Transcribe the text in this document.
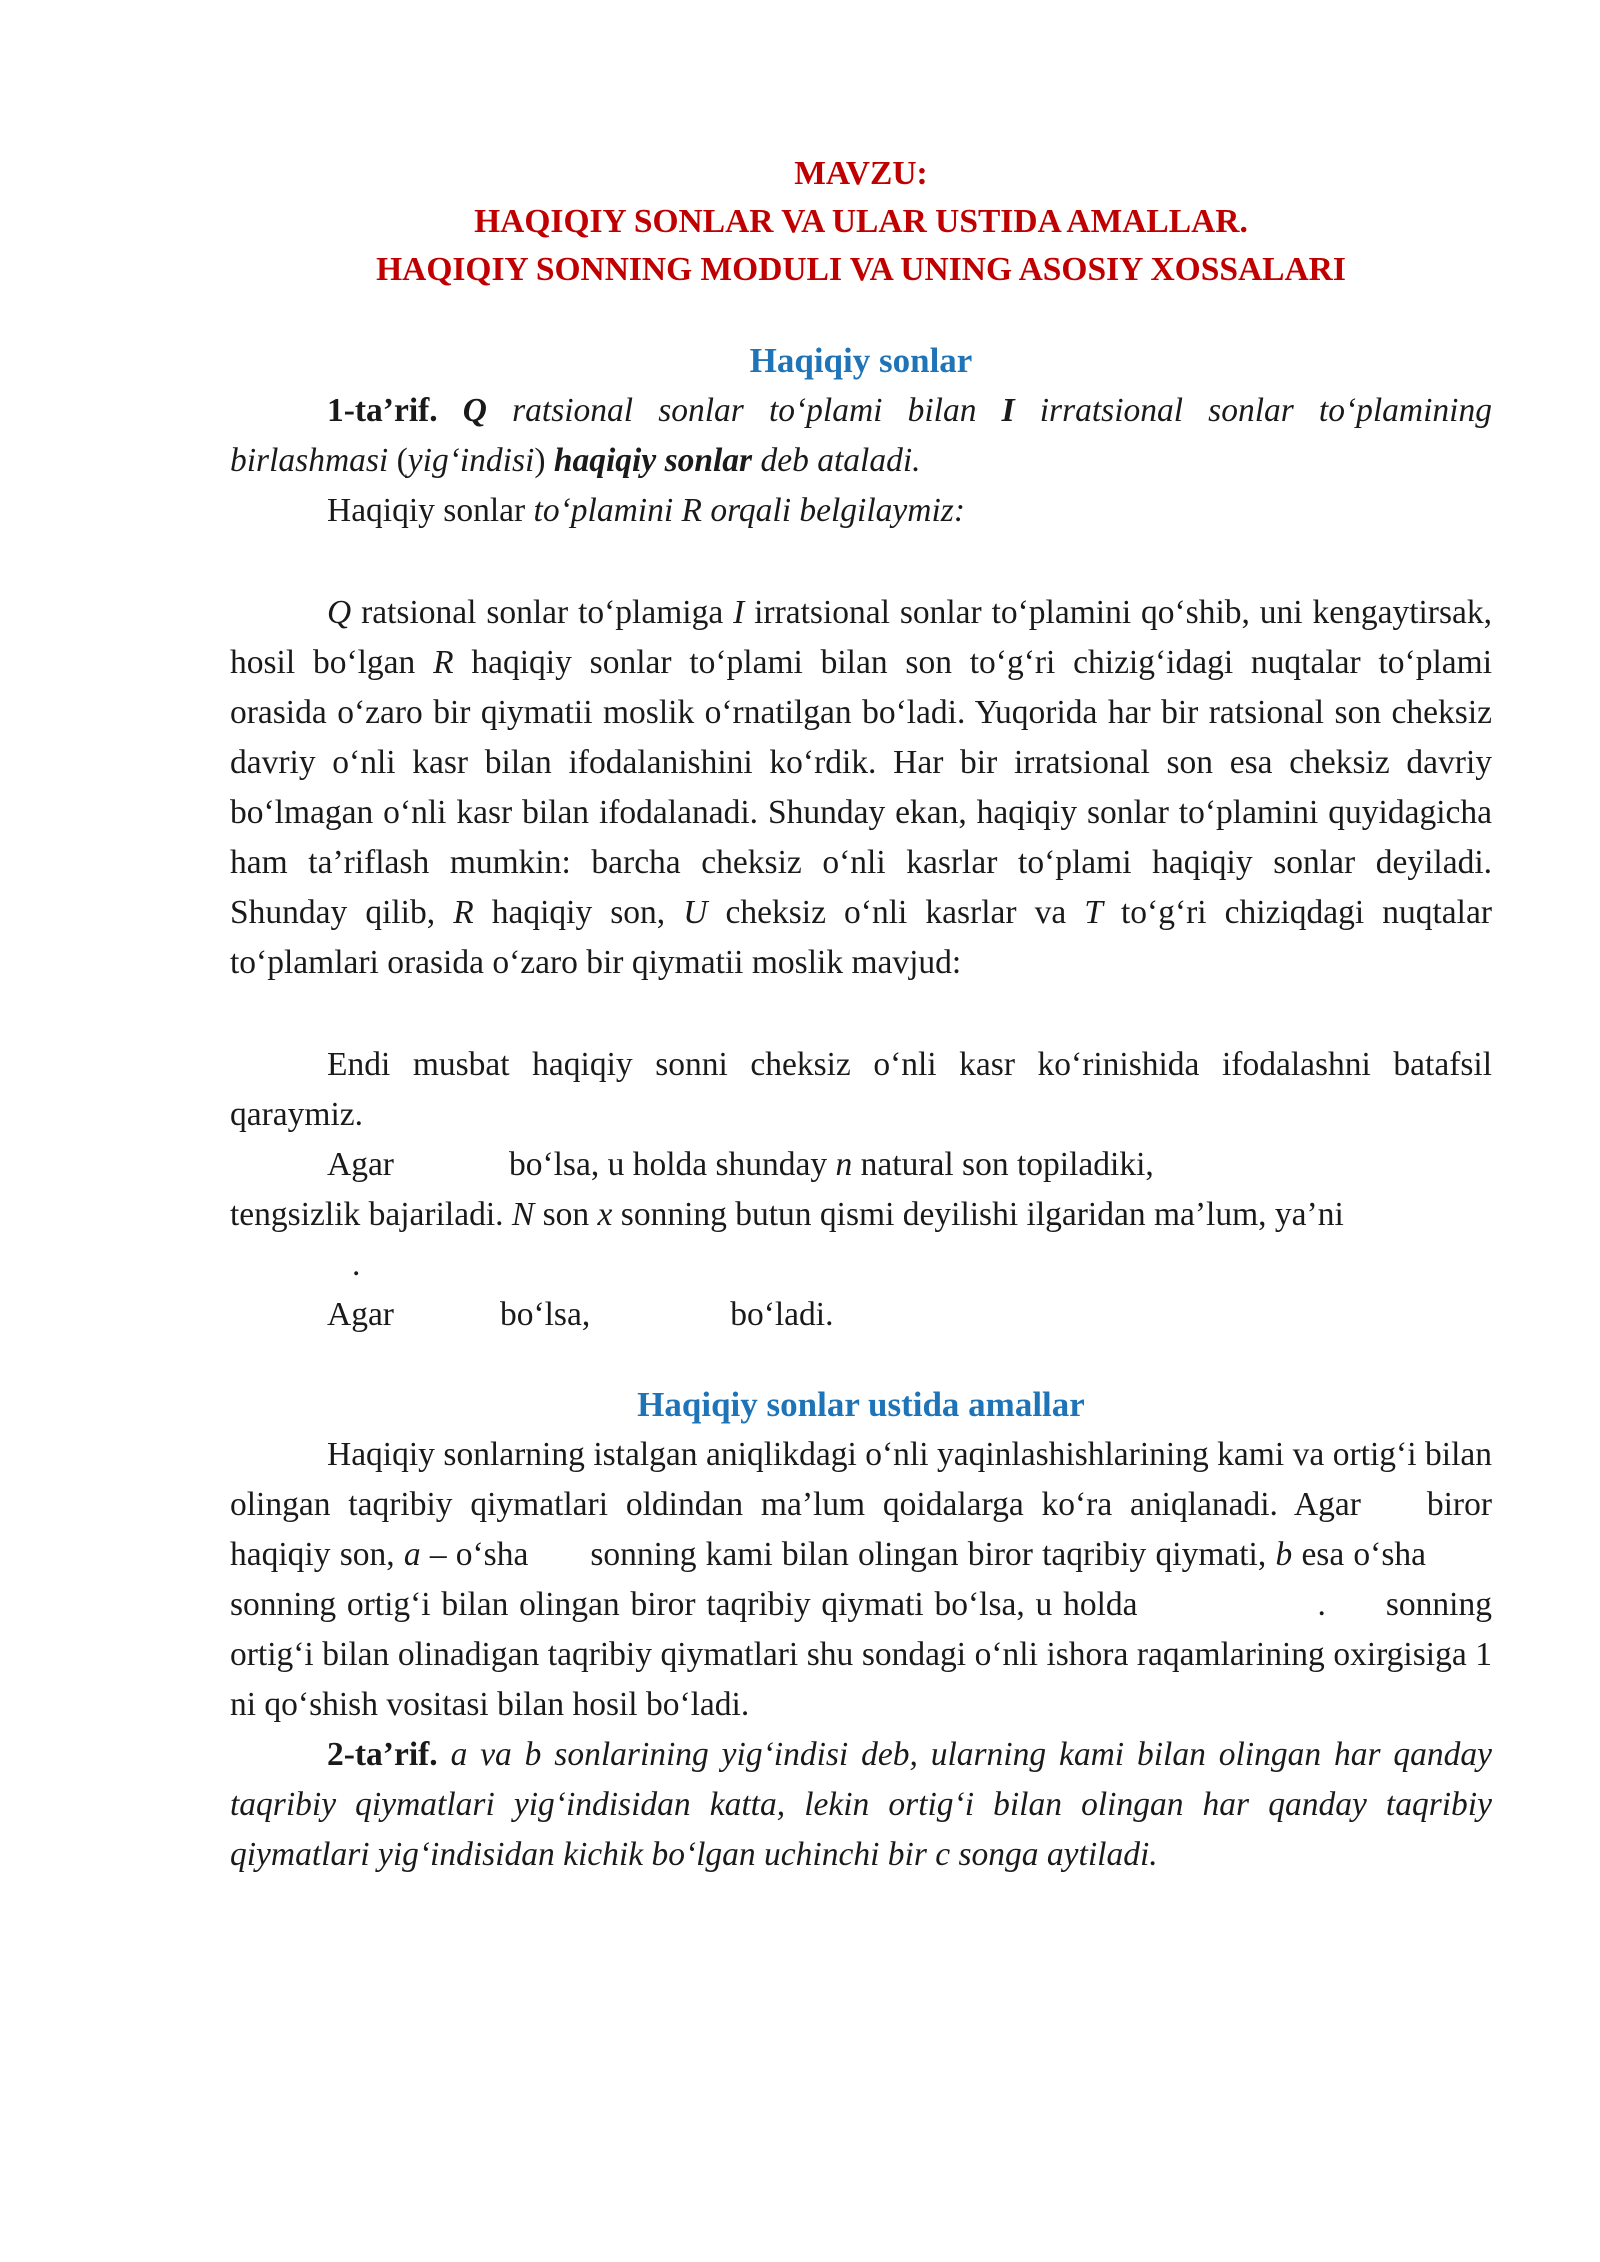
MAVZU:
HAQIQIY SONLAR VA ULAR USTIDA AMALLAR.
HAQIQIY SONNING MODULI VA UNING ASOSIY XOSSALARI
Haqiqiy sonlar

1-ta’rif. Q ratsional sonlar to‘plami bilan I irratsional sonlar to‘plamining birlashmasi (yig‘indisi) haqiqiy sonlar deb ataladi.

Haqiqiy sonlar to‘plamini R orqali belgilaymiz:

Q ratsional sonlar to‘plamiga I irratsional sonlar to‘plamini qo‘shib, uni kengaytirsak, hosil bo‘lgan R haqiqiy sonlar to‘plami bilan son to‘g‘ri chizig‘idagi nuqtalar to‘plami orasida o‘zaro bir qiymatii moslik o‘rnatilgan bo‘ladi. Yuqorida har bir ratsional son cheksiz davriy o‘nli kasr bilan ifodalanishini ko‘rdik. Har bir irratsional son esa cheksiz davriy bo‘lmagan o‘nli kasr bilan ifodalanadi. Shunday ekan, haqiqiy sonlar to‘plamini quyidagicha ham ta’riflash mumkin: barcha cheksiz o‘nli kasrlar to‘plami haqiqiy sonlar deyiladi. Shunday qilib, R haqiqiy son, U cheksiz o‘nli kasrlar va T to‘g‘ri chiziqdagi nuqtalar to‘plamlari orasida o‘zaro bir qiymatii moslik mavjud:

Endi musbat haqiqiy sonni cheksiz o‘nli kasr ko‘rinishida ifodalashni batafsil qaraymiz.

Agar	bo‘lsa, u holda shunday n natural son topiladiki,

tengsizlik bajariladi. N son x sonning butun qismi deyilishi ilgaridan ma’lum, ya’ni

.

Agar	bo‘lsa,	bo‘ladi.

Haqiqiy sonlar ustida amallar

Haqiqiy sonlarning istalgan aniqlikdagi o‘nli yaqinlashishlarining kami va ortig‘i bilan olingan taqribiy qiymatlari oldindan ma’lum qoidalarga ko‘ra aniqlanadi. Agar biror haqiqiy son, a – o‘sha sonning kami bilan olingan biror taqribiy qiymati, b esa o‘shasonning ortig‘i bilan olingan biror taqribiy qiymati bo‘lsa, u holda	. sonning ortig‘i bilan olinadigan taqribiy qiymatlari shu sondagi o‘nli ishora raqamlarining oxirgisiga 1 ni qo‘shish vositasi bilan hosil bo‘ladi.

2-ta’rif. a va b sonlarining yig‘indisi deb, ularning kami bilan olingan har qanday taqribiy qiymatlari yig‘indisidan katta, lekin ortig‘i bilan olingan har qanday taqribiy qiymatlari yig‘indisidan kichik bo‘lgan uchinchi bir c songa aytiladi.
